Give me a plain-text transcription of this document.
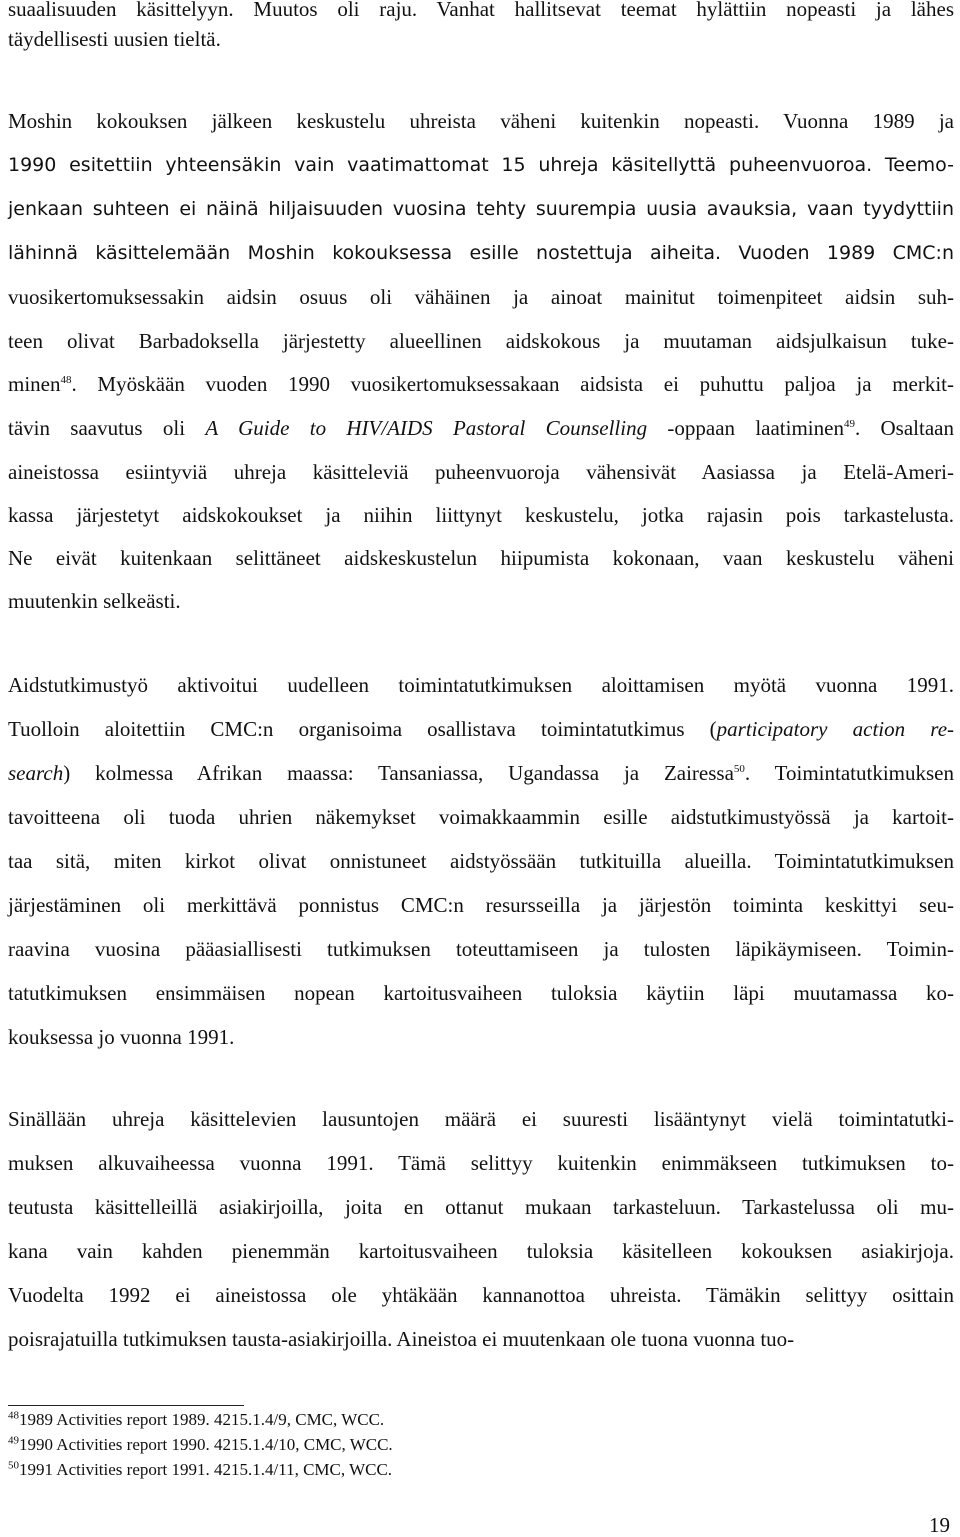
suaalisuuden käsittelyyn. Muutos oli raju. Vanhat hallitsevat teemat hylättiin nopeasti ja lähes
täydellisesti uusien tieltä.
Moshin kokouksen jälkeen keskustelu uhreista väheni kuitenkin nopeasti. Vuonna 1989 ja
1990 esitettiin yhteensäkin vain vaatimattomat 15 uhreja käsitellyttä puheenvuoroa. Teemo-
jenkaan suhteen ei näinä hiljaisuuden vuosina tehty suurempia uusia avauksia, vaan tyydyttiin
lähinnä käsittelemään Moshin kokouksessa esille nostettuja aiheita. Vuoden 1989 CMC:n
vuosikertomuksessakin aidsin osuus oli vähäinen ja ainoat mainitut toimenpiteet aidsin suh-
teen olivat Barbadoksella järjestetty alueellinen aidskokous ja muutaman aidsjulkaisun tuke-
minen$^{48}$. Myöskään vuoden 1990 vuosikertomuksessakaan aidsista ei puhuttu paljoa ja merkit-
tävin saavutus oli A Guide to HIV/AIDS Pastoral Counselling -oppaan laatiminen$^{49}$. Osaltaan
aineistossa esiintyviä uhreja käsitteleviä puheenvuoroja vähensivät Aasiassa ja Etelä-Ameri-
kassa järjestetyt aidskokoukset ja niihin liittynyt keskustelu, jotka rajasin pois tarkastelusta.
Ne eivät kuitenkaan selittäneet aidskeskustelun hiipumista kokonaan, vaan keskustelu väheni
muutenkin selkeästi.
Aidstutkimustyö aktivoitui uudelleen toimintatutkimuksen aloittamisen myötä vuonna 1991.
Tuolloin aloitettiin CMC:n organisoima osallistava toimintatutkimus (participatory action re-
search) kolmessa Afrikan maassa: Tansaniassa, Ugandassa ja Zairessa$^{50}$. Toimintatutkimuksen
tavoitteena oli tuoda uhrien näkemykset voimakkaammin esille aidstutkimustyössä ja kartoit-
taa sitä, miten kirkot olivat onnistuneet aidstyössään tutkituilla alueilla. Toimintatutkimuksen
järjestäminen oli merkittävä ponnistus CMC:n resursseilla ja järjestön toiminta keskittyi seu-
raavina vuosina pääasiallisesti tutkimuksen toteuttamiseen ja tulosten läpikäymiseen. Toimin-
tatutkimuksen ensimmäisen nopean kartoitusvaiheen tuloksia käytiin läpi muutamassa ko-
kouksessa jo vuonna 1991.
Sinällään uhreja käsittelevien lausuntojen määrä ei suuresti lisääntynyt vielä toimintatutki-
muksen alkuvaiheessa vuonna 1991. Tämä selittyy kuitenkin enimmäkseen tutkimuksen to-
teutusta käsittelleillä asiakirjoilla, joita en ottanut mukaan tarkasteluun. Tarkastelussa oli mu-
kana vain kahden pienemmän kartoitusvaiheen tuloksia käsitelleen kokouksen asiakirjoja.
Vuodelta 1992 ei aineistossa ole yhtäkään kannanottoa uhreista. Tämäkin selittyy osittain
poisrajatuilla tutkimuksen tausta-asiakirjoilla. Aineistoa ei muutenkaan ole tuona vuonna tuo-
$^{48}$1989 Activities report 1989. 4215.1.4/9, CMC, WCC.
$^{49}$1990 Activities report 1990. 4215.1.4/10, CMC, WCC.
$^{50}$1991 Activities report 1991. 4215.1.4/11, CMC, WCC.
19
